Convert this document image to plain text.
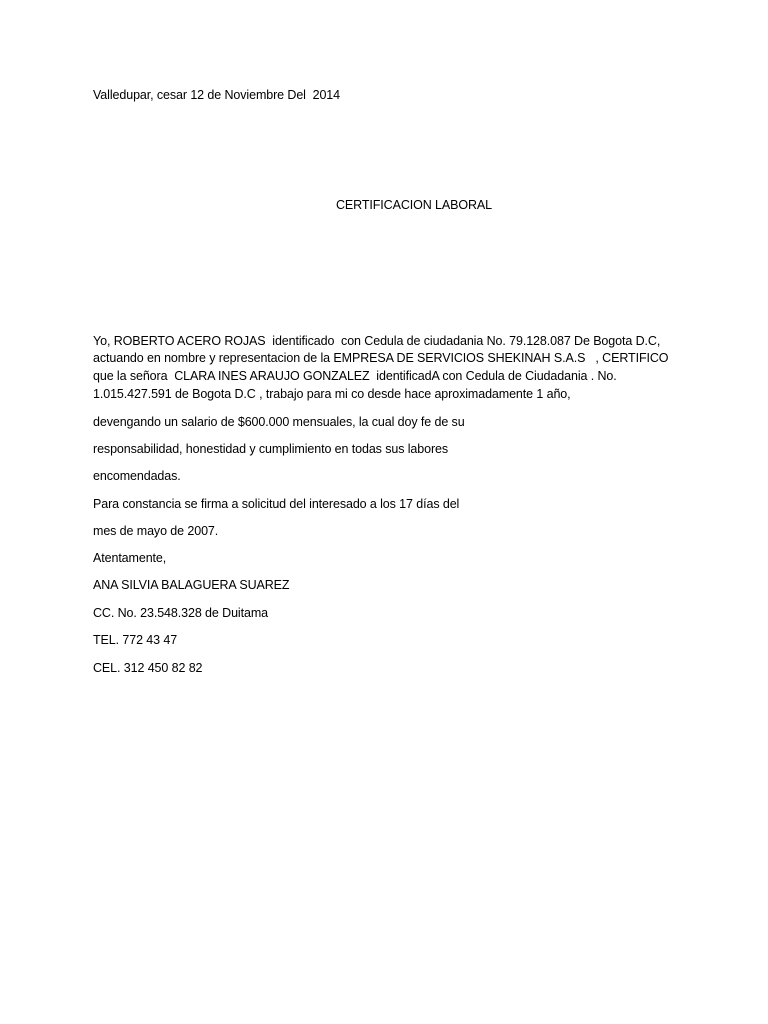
Valledupar, cesar 12 de Noviembre Del  2014
CERTIFICACION LABORAL
Yo, ROBERTO ACERO ROJAS  identificado  con Cedula de ciudadania No. 79.128.087 De Bogota D.C,
actuando en nombre y representacion de la EMPRESA DE SERVICIOS SHEKINAH S.A.S   , CERTIFICO
que la señora  CLARA INES ARAUJO GONZALEZ  identificadA con Cedula de Ciudadania . No.
1.015.427.591 de Bogota D.C , trabajo para mi co desde hace aproximadamente 1 año,
devengando un salario de $600.000 mensuales, la cual doy fe de su
responsabilidad, honestidad y cumplimiento en todas sus labores
encomendadas.
Para constancia se firma a solicitud del interesado a los 17 días del
mes de mayo de 2007.
Atentamente,
ANA SILVIA BALAGUERA SUAREZ
CC. No. 23.548.328 de Duitama
TEL. 772 43 47
CEL. 312 450 82 82
